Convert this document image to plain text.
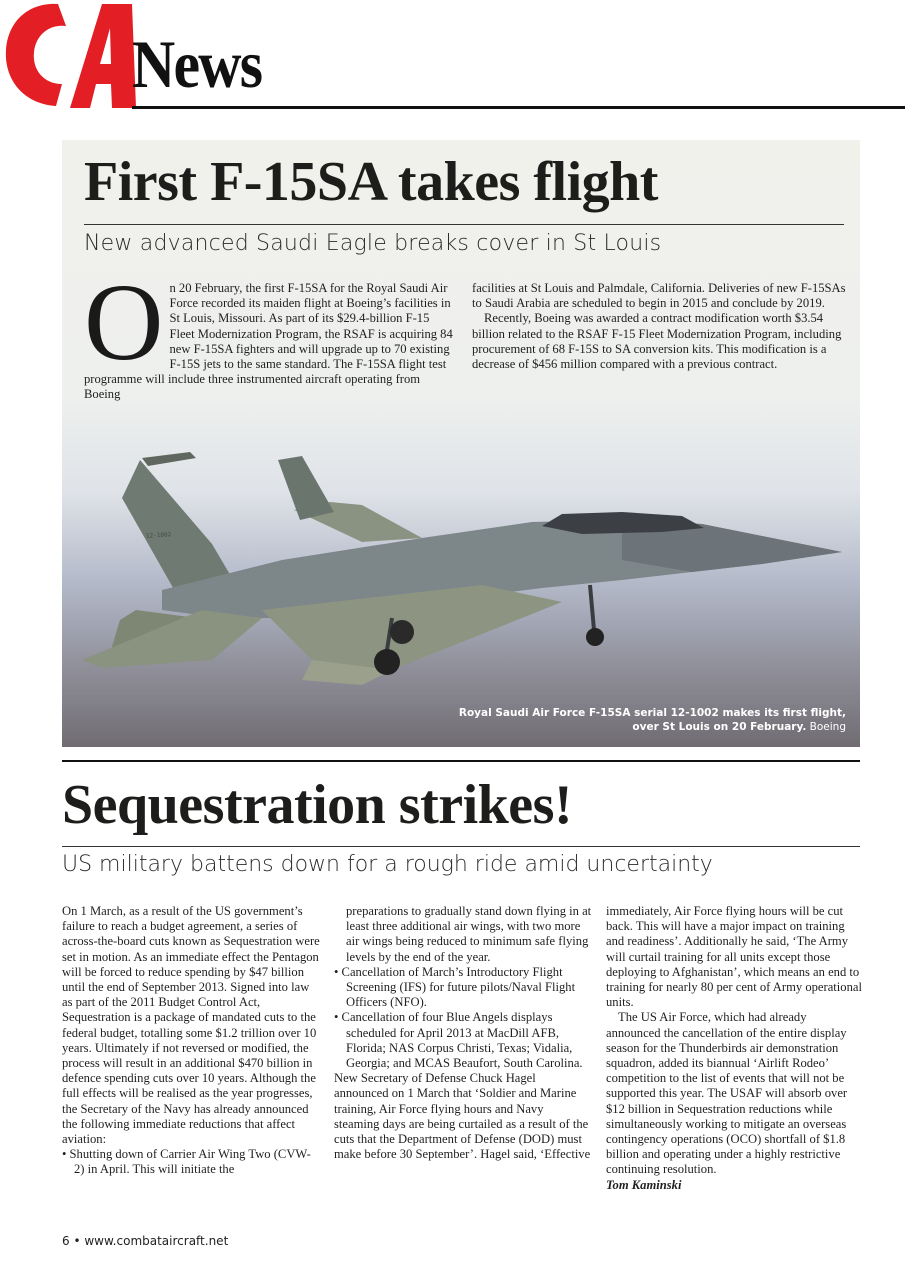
News
First F-15SA takes flight
New advanced Saudi Eagle breaks cover in St Louis
O n 20 February, the first F-15SA for the Royal Saudi Air Force recorded its maiden flight at Boeing’s facilities in St Louis, Missouri. As part of its $29.4-billion F-15 Fleet Modernization Program, the RSAF is acquiring 84 new F-15SA fighters and will upgrade up to 70 existing F-15S jets to the same standard. The F-15SA flight test programme will include three instrumented aircraft operating from Boeing

facilities at St Louis and Palmdale, California. Deliveries of new F-15SAs to Saudi Arabia are scheduled to begin in 2015 and conclude by 2019.

Recently, Boeing was awarded a contract modification worth $3.54 billion related to the RSAF F-15 Fleet Modernization Program, including procurement of 68 F-15S to SA conversion kits. This modification is a decrease of $456 million compared with a previous contract.

Royal Saudi Air Force F-15SA serial 12-1002 makes its first flight,
over St Louis on 20 February. Boeing
12-1002
Sequestration strikes!
US military battens down for a rough ride amid uncertainty

On 1 March, as a result of the US government’s failure to reach a budget agreement, a series of across-the-board cuts known as Sequestration were set in motion. As an immediate effect the Pentagon will be forced to reduce spending by $47 billion until the end of September 2013. Signed into law as part of the 2011 Budget Control Act, Sequestration is a package of mandated cuts to the federal budget, totalling some $1.2 trillion over 10 years. Ultimately if not reversed or modified, the process will result in an additional $470 billion in defence spending cuts over 10 years. Although the full effects will be realised as the year progresses, the Secretary of the Navy has already announced the following immediate reductions that affect aviation:

• Shutting down of Carrier Air Wing Two (CVW-2) in April. This will initiate the

preparations to gradually stand down flying in at least three additional air wings, with two more air wings being reduced to minimum safe flying levels by the end of the year.

• Cancellation of March’s Introductory Flight Screening (IFS) for future pilots/Naval Flight Officers (NFO).

• Cancellation of four Blue Angels displays scheduled for April 2013 at MacDill AFB, Florida; NAS Corpus Christi, Texas; Vidalia, Georgia; and MCAS Beaufort, South Carolina.

New Secretary of Defense Chuck Hagel announced on 1 March that ‘Soldier and Marine training, Air Force flying hours and Navy steaming days are being curtailed as a result of the cuts that the Department of Defense (DOD) must make before 30 September’. Hagel said, ‘Effective

immediately, Air Force flying hours will be cut back. This will have a major impact on training and readiness’. Additionally he said, ‘The Army will curtail training for all units except those deploying to Afghanistan’, which means an end to training for nearly 80 per cent of Army operational units.

The US Air Force, which had already announced the cancellation of the entire display season for the Thunderbirds air demonstration squadron, added its biannual ‘Airlift Rodeo’ competition to the list of events that will not be supported this year. The USAF will absorb over $12 billion in Sequestration reductions while simultaneously working to mitigate an overseas contingency operations (OCO) shortfall of $1.8 billion and operating under a highly restrictive continuing resolution.

Tom Kaminski

6 • www.combataircraft.net
